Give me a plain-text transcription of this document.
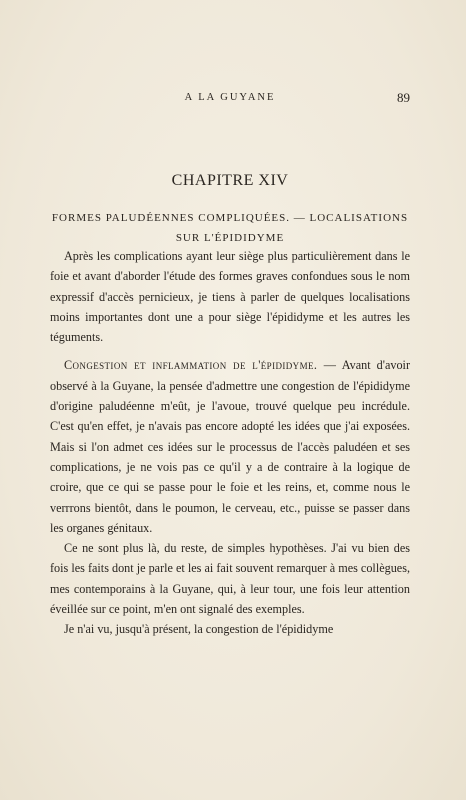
A LA GUYANE	89
CHAPITRE XIV
FORMES PALUDÉENNES COMPLIQUÉES. — LOCALISATIONS
SUR L'ÉPIDIDYME

Après les complications ayant leur siège plus particulièrement dans le foie et avant d'aborder l'étude des formes graves confondues sous le nom expressif d'accès pernicieux, je tiens à parler de quelques localisations moins importantes dont une a pour siège l'épididyme et les autres les téguments.

Congestion et inflammation de l'épididyme. — Avant d'avoir observé à la Guyane, la pensée d'admettre une congestion de l'épididyme d'origine paludéenne m'eût, je l'avoue, trouvé quelque peu incrédule. C'est qu'en effet, je n'avais pas encore adopté les idées que j'ai exposées. Mais si l'on admet ces idées sur le processus de l'accès paludéen et ses complications, je ne vois pas ce qu'il y a de contraire à la logique de croire, que ce qui se passe pour le foie et les reins, et, comme nous le verrrons bientôt, dans le poumon, le cerveau, etc., puisse se passer dans les organes génitaux.

Ce ne sont plus là, du reste, de simples hypothèses. J'ai vu bien des fois les faits dont je parle et les ai fait souvent remarquer à mes collègues, mes contemporains à la Guyane, qui, à leur tour, une fois leur attention éveillée sur ce point, m'en ont signalé des exemples.

Je n'ai vu, jusqu'à présent, la congestion de l'épididyme
